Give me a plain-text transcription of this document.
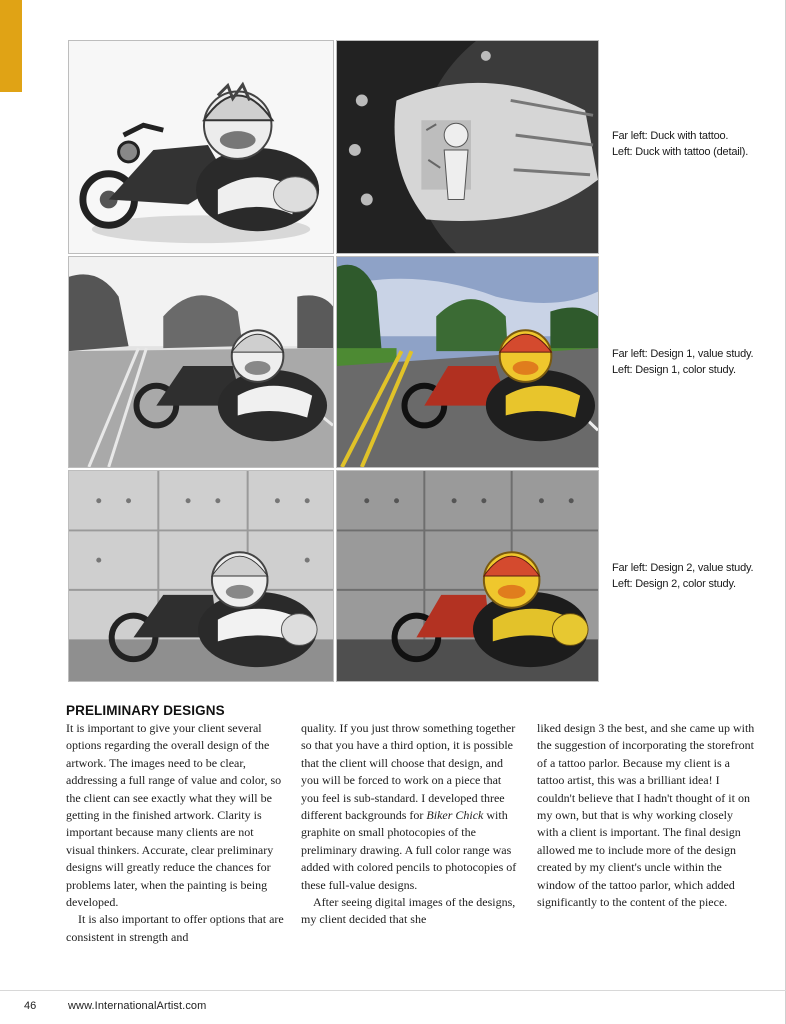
Far left: Duck with tattoo.
Left: Duck with tattoo (detail).
Far left: Design 1, value study.
Left: Design 1, color study.
Far left: Design 2, value study.
Left: Design 2, color study.
PRELIMINARY DESIGNS

It is important to give your client several options regarding the overall design of the artwork. The images need to be clear, addressing a full range of value and color, so the client can see exactly what they will be getting in the finished artwork. Clarity is important because many clients are not visual thinkers. Accurate, clear preliminary designs will greatly reduce the chances for problems later, when the painting is being developed.

It is also important to offer options that are consistent in strength and

quality. If you just throw something together so that you have a third option, it is possible that the client will choose that design, and you will be forced to work on a piece that you feel is sub-standard. I developed three different backgrounds for Biker Chick with graphite on small photocopies of the preliminary drawing. A full color range was added with colored pencils to photocopies of these full-value designs.

After seeing digital images of the designs, my client decided that she

liked design 3 the best, and she came up with the suggestion of incorporating the storefront of a tattoo parlor. Because my client is a tattoo artist, this was a brilliant idea! I couldn't believe that I hadn't thought of it on my own, but that is why working closely with a client is important. The final design allowed me to include more of the design created by my client's uncle within the window of the tattoo parlor, which added significantly to the content of the piece.

46	www.InternationalArtist.com
